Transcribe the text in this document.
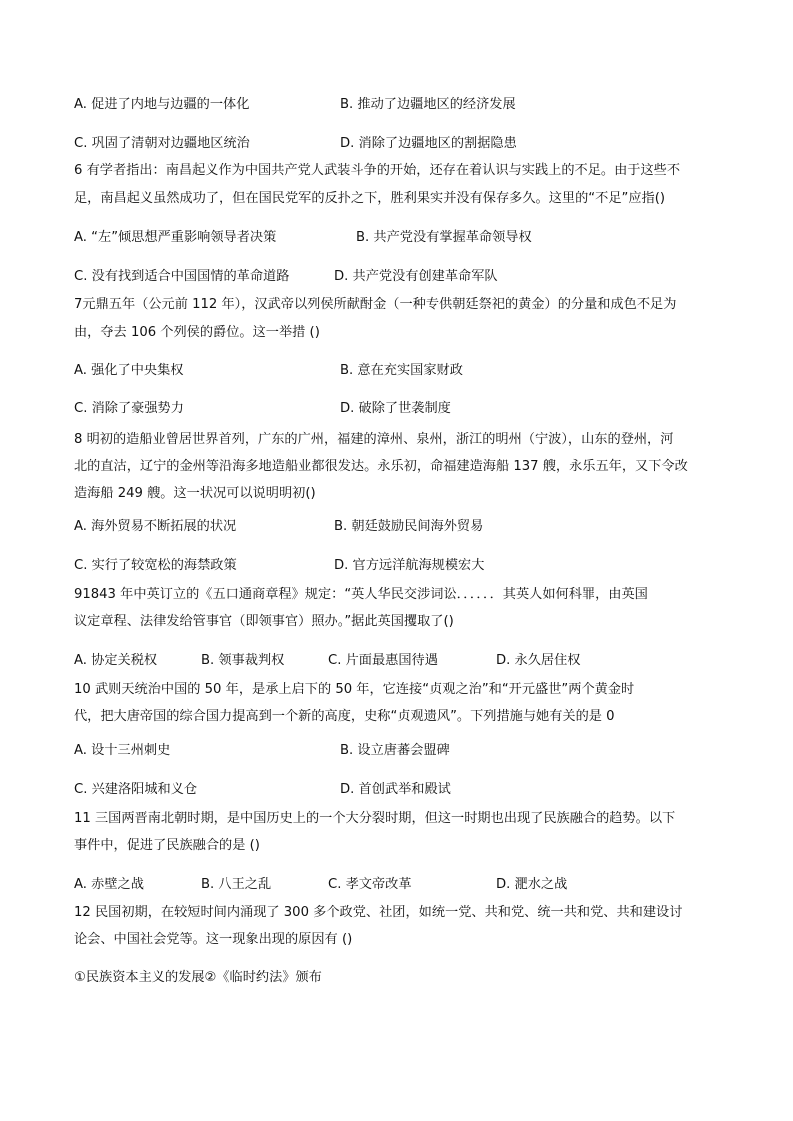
A. 促进了内地与边疆的一体化	B. 推动了边疆地区的经济发展
C. 巩固了清朝对边疆地区统治	D. 消除了边疆地区的割据隐患
6 有学者指出：南昌起义作为中国共产党人武装斗争的开始，还存在着认识与实践上的不足。由于这些不
足，南昌起义虽然成功了，但在国民党军的反扑之下，胜利果实并没有保存多久。这里的“不足”应指()
A. “左”倾思想严重影响领导者决策	B. 共产党没有掌握革命领导权
C. 没有找到适合中国国情的革命道路	D. 共产党没有创建革命军队
7元鼎五年（公元前 112 年），汉武帝以列侯所献酎金（一种专供朝廷祭祀的黄金）的分量和成色不足为
由，夺去 106 个列侯的爵位。这一举措 ()
A. 强化了中央集权	B. 意在充实国家财政
C. 消除了豪强势力	D. 破除了世袭制度
8 明初的造船业曾居世界首列，广东的广州，福建的漳州、泉州，浙江的明州（宁波），山东的登州，河
北的直沽，辽宁的金州等沿海多地造船业都很发达。永乐初，命福建造海船 137 艘，永乐五年，又下令改
造海船 249 艘。这一状况可以说明明初()
A. 海外贸易不断拓展的状况	B. 朝廷鼓励民间海外贸易
C. 实行了较宽松的海禁政策	D. 官方远洋航海规模宏大
91843 年中英订立的《五口通商章程》规定：“英人华民交涉词讼．．．．．．其英人如何科罪，由英国
议定章程、法律发给管事官（即领事官）照办。”据此英国攫取了()
A. 协定关税权	B. 领事裁判权	C. 片面最惠国待遇	D. 永久居住权
10 武则天统治中国的 50 年，是承上启下的 50 年，它连接“贞观之治”和“开元盛世”两个黄金时
代，把大唐帝国的综合国力提高到一个新的高度，史称“贞观遗风”。下列措施与她有关的是 0
A. 设十三州刺史	B. 设立唐蕃会盟碑
C. 兴建洛阳城和义仓	D. 首创武举和殿试
11 三国两晋南北朝时期，是中国历史上的一个大分裂时期，但这一时期也出现了民族融合的趋势。以下
事件中，促进了民族融合的是 ()
A. 赤壁之战	B. 八王之乱	C. 孝文帝改革	D. 淝水之战
12 民国初期，在较短时间内涌现了 300 多个政党、社团，如统一党、共和党、统一共和党、共和建设讨
论会、中国社会党等。这一现象出现的原因有 ()
①民族资本主义的发展②《临时约法》颁布
